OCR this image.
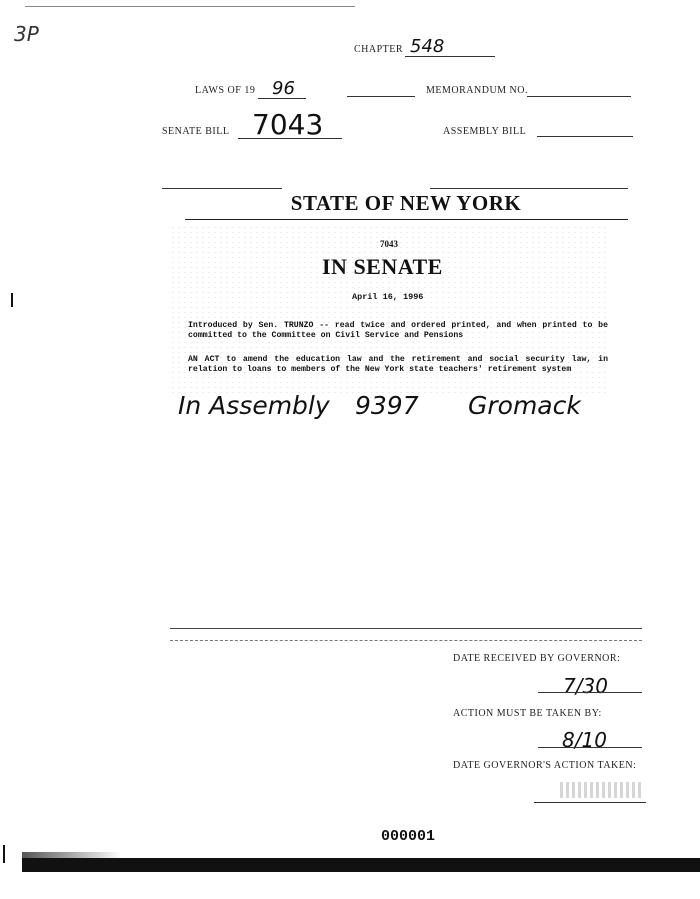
3P
CHAPTER 548
LAWS OF 19 96	MEMORANDUM NO.
SENATE BILL 7043	ASSEMBLY BILL
STATE OF NEW YORK
7043
IN SENATE
April 16, 1996
Introduced by Sen. TRUNZO -- read twice and ordered printed, and when printed to be committed to the Committee on Civil Service and Pensions
AN ACT to amend the education law and the retirement and social security law, in relation to loans to members of the New York state teachers' retirement system
In Assembly 9397 Gromack
DATE RECEIVED BY GOVERNOR:
7/30
ACTION MUST BE TAKEN BY:
8/10
DATE GOVERNOR'S ACTION TAKEN:
000001
